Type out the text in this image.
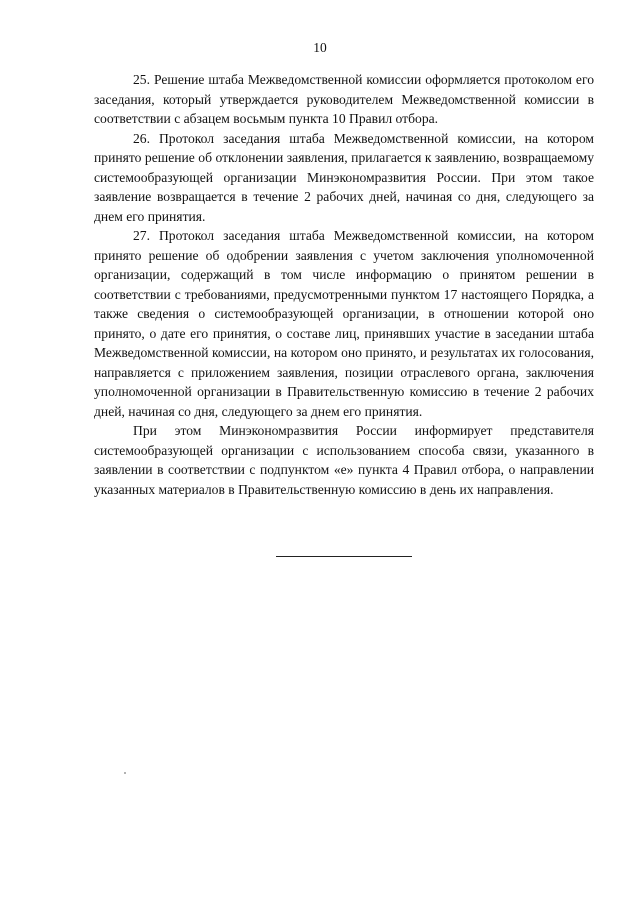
10

25. Решение штаба Межведомственной комиссии оформляется протоколом его заседания, который утверждается руководителем Межведомственной комиссии в соответствии с абзацем восьмым пункта 10 Правил отбора.

26. Протокол заседания штаба Межведомственной комиссии, на котором принято решение об отклонении заявления, прилагается к заявлению, возвращаемому системообразующей организации Минэкономразвития России. При этом такое заявление возвращается в течение 2 рабочих дней, начиная со дня, следующего за днем его принятия.

27. Протокол заседания штаба Межведомственной комиссии, на котором принято решение об одобрении заявления с учетом заключения уполномоченной организации, содержащий в том числе информацию о принятом решении в соответствии с требованиями, предусмотренными пунктом 17 настоящего Порядка, а также сведения о системообразующей организации, в отношении которой оно принято, о дате его принятия, о составе лиц, принявших участие в заседании штаба Межведомственной комиссии, на котором оно принято, и результатах их голосования, направляется с приложением заявления, позиции отраслевого органа, заключения уполномоченной организации в Правительственную комиссию в течение 2 рабочих дней, начиная со дня, следующего за днем его принятия.

При этом Минэкономразвития России информирует представителя системообразующей организации с использованием способа связи, указанного в заявлении в соответствии с подпунктом «е» пункта 4 Правил отбора, о направлении указанных материалов в Правительственную комиссию в день их направления.
